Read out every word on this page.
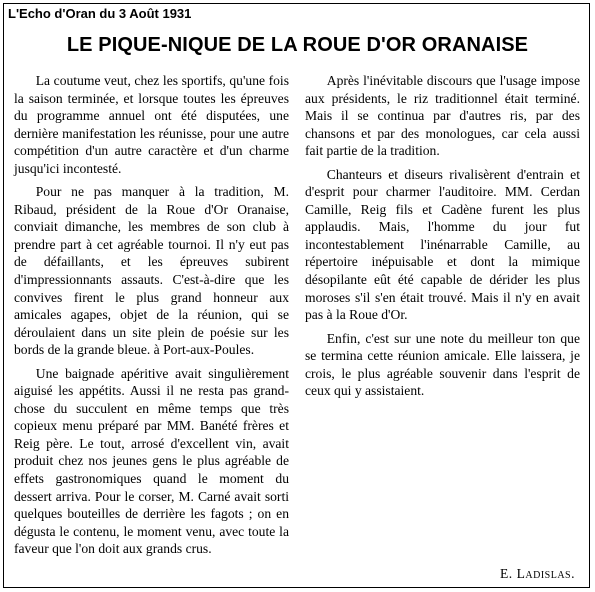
L'Echo d'Oran du 3 Août 1931
LE PIQUE-NIQUE DE LA ROUE D'OR ORANAISE

La coutume veut, chez les sportifs, qu'une fois la saison terminée, et lorsque toutes les épreuves du programme annuel ont été disputées, une dernière manifestation les réunisse, pour une autre compétition d'un autre caractère et d'un charme jusqu'ici incontesté.

Pour ne pas manquer à la tradition, M. Ribaud, président de la Roue d'Or Oranaise, conviait dimanche, les membres de son club à prendre part à cet agréable tournoi. Il n'y eut pas de défaillants, et les épreuves subirent d'impressionnants assauts. C'est-à-dire que les convives firent le plus grand honneur aux amicales agapes, objet de la réunion, qui se déroulaient dans un site plein de poésie sur les bords de la grande bleue. à Port-aux-Poules.

Une baignade apéritive avait singulièrement aiguisé les appétits. Aussi il ne resta pas grand-chose du succulent en même temps que très copieux menu préparé par MM. Banété frères et Reig père. Le tout, arrosé d'excellent vin, avait produit chez nos jeunes gens le plus agréable de effets gastronomiques quand le moment du dessert arriva. Pour le corser, M. Carné avait sorti quelques bouteilles de derrière les fagots ; on en dégusta le contenu, le moment venu, avec toute la faveur que l'on doit aux grands crus.

Après l'inévitable discours que l'usage impose aux présidents, le riz traditionnel était terminé. Mais il se continua par d'autres ris, par des chansons et par des monologues, car cela aussi fait partie de la tradition.

Chanteurs et diseurs rivalisèrent d'entrain et d'esprit pour charmer l'auditoire. MM. Cerdan Camille, Reig fils et Cadène furent les plus applaudis. Mais, l'homme du jour fut incontestablement l'inénarrable Camille, au répertoire inépuisable et dont la mimique désopilante eût été capable de dérider les plus moroses s'il s'en était trouvé. Mais il n'y en avait pas à la Roue d'Or.

Enfin, c'est sur une note du meilleur ton que se termina cette réunion amicale. Elle laissera, je crois, le plus agréable souvenir dans l'esprit de ceux qui y assistaient.

E. Ladislas.
